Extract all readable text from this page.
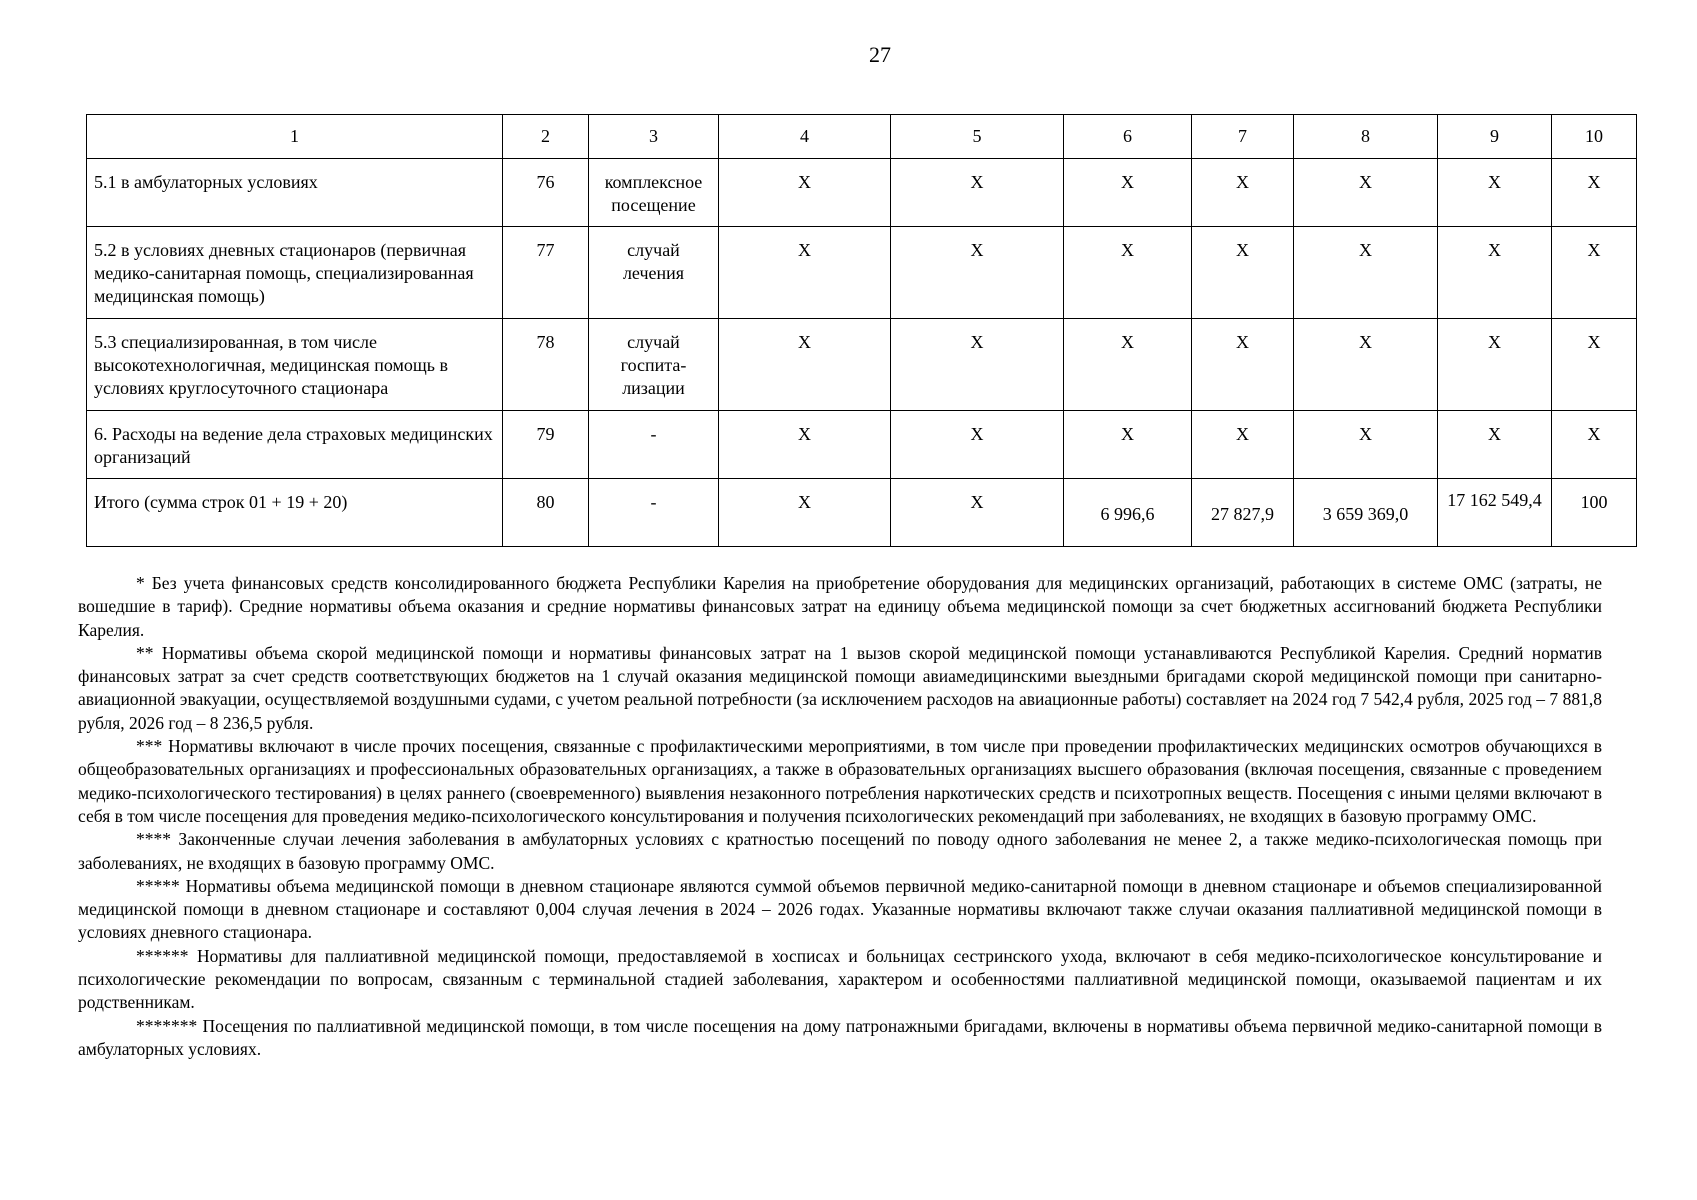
27
1	2	3	4	5	6	7	8	9	10
5.1 в амбулаторных условиях	76	комплексное посещение	Х	Х	Х	Х	Х	Х	Х
5.2 в условиях дневных стационаров (первичная медико-санитарная помощь, специализированная медицинская помощь)	77	случай лечения	Х	Х	Х	Х	Х	Х	Х
5.3 специализированная, в том числе высокотехнологичная, медицинская помощь в условиях круглосуточного стационара	78	случай госпита-лизации	Х	Х	Х	Х	Х	Х	Х
6. Расходы на ведение дела страховых медицинских организаций	79	-	Х	Х	Х	Х	Х	Х	Х
Итого (сумма строк 01 + 19 + 20)	80	-	Х	Х	6 996,6	27 827,9	3 659 369,0	17 162 549,4	100

* Без учета финансовых средств консолидированного бюджета Республики Карелия на приобретение оборудования для медицинских организаций, работающих в системе ОМС (затраты, не вошедшие в тариф). Средние нормативы объема оказания и средние нормативы финансовых затрат на единицу объема медицинской помощи за счет бюджетных ассигнований бюджета Республики Карелия.

** Нормативы объема скорой медицинской помощи и нормативы финансовых затрат на 1 вызов скорой медицинской помощи устанавливаются Республикой Карелия. Средний норматив финансовых затрат за счет средств соответствующих бюджетов на 1 случай оказания медицинской помощи авиамедицинскими выездными бригадами скорой медицинской помощи при санитарно-авиационной эвакуации, осуществляемой воздушными судами, с учетом реальной потребности (за исключением расходов на авиационные работы) составляет на 2024 год 7 542,4 рубля, 2025 год – 7 881,8 рубля, 2026 год – 8 236,5 рубля.

*** Нормативы включают в числе прочих посещения, связанные с профилактическими мероприятиями, в том числе при проведении профилактических медицинских осмотров обучающихся в общеобразовательных организациях и профессиональных образовательных организациях, а также в образовательных организациях высшего образования (включая посещения, связанные с проведением медико-психологического тестирования) в целях раннего (своевременного) выявления незаконного потребления наркотических средств и психотропных веществ. Посещения с иными целями включают в себя в том числе посещения для проведения медико-психологического консультирования и получения психологических рекомендаций при заболеваниях, не входящих в базовую программу ОМС.

**** Законченные случаи лечения заболевания в амбулаторных условиях с кратностью посещений по поводу одного заболевания не менее 2, а также медико-психологическая помощь при заболеваниях, не входящих в базовую программу ОМС.

***** Нормативы объема медицинской помощи в дневном стационаре являются суммой объемов первичной медико-санитарной помощи в дневном стационаре и объемов специализированной медицинской помощи в дневном стационаре и составляют 0,004 случая лечения в 2024 – 2026 годах. Указанные нормативы включают также случаи оказания паллиативной медицинской помощи в условиях дневного стационара.

****** Нормативы для паллиативной медицинской помощи, предоставляемой в хосписах и больницах сестринского ухода, включают в себя медико-психологическое консультирование и психологические рекомендации по вопросам, связанным с терминальной стадией заболевания, характером и особенностями паллиативной медицинской помощи, оказываемой пациентам и их родственникам.

******* Посещения по паллиативной медицинской помощи, в том числе посещения на дому патронажными бригадами, включены в нормативы объема первичной медико-санитарной помощи в амбулаторных условиях.
